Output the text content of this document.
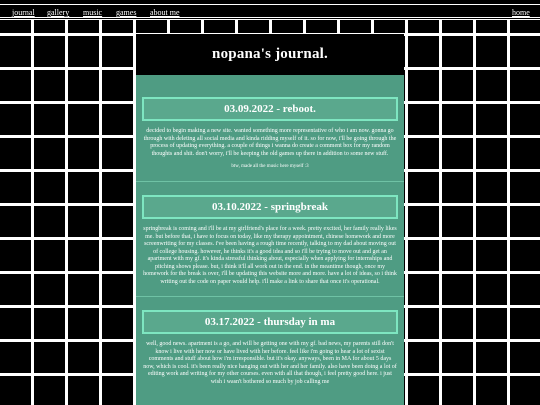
journal gallery music games about me	home
nopana's journal.
03.09.2022 - reboot.
decided to begin making a new site. wanted something more representative of who i am now. gonna go through with deleting all social media and kinda ridding myself of it. so for now, i'll be going through the process of updating everything. a couple of things i wanna do create a comment box for my random thoughts and shit. don't worry, i'll be keeping the old games up there in addition to some new stuff.
btw, made all the music here myself :3
03.10.2022 - springbreak
springbreak is coming and i'll be at my girlfriend's place for a week. pretty excited, her family really likes me. but before that, i have to focus on today, like my therapy appointment, chinese homework and more screenwriting for my classes. i've been having a rough time recently, talking to my dad about moving out of college housing. however, he thinks it's a good idea and so i'll be trying to move out and get an apartment with my gf. it's kinda stressful thinking about, especially when applying for internships and pitching shows please. but, i think it'll all work out in the end. in the meantime though, once my homework for the break is over, i'll be updating this website more and more. have a lot of ideas, so i think writing out the code on paper would help. i'll make a link to share that once it's operational.
03.17.2022 - thursday in ma
well, good news. apartment is a go, and will be getting one with my gf. bad news, my parents still don't know i live with her now or have lived with her before. feel like i'm going to hear a lot of sexist comments and stuff about how i'm irresponsible. but it's okay. anyways, been in MA for about 5 days now, which is cool. it's been really nice hanging out with her and her family. also have been doing a lot of editing work and writing for my other courses. even with all that though, i feel pretty good here. i just wish i wasn't bothered so much by job calling me
